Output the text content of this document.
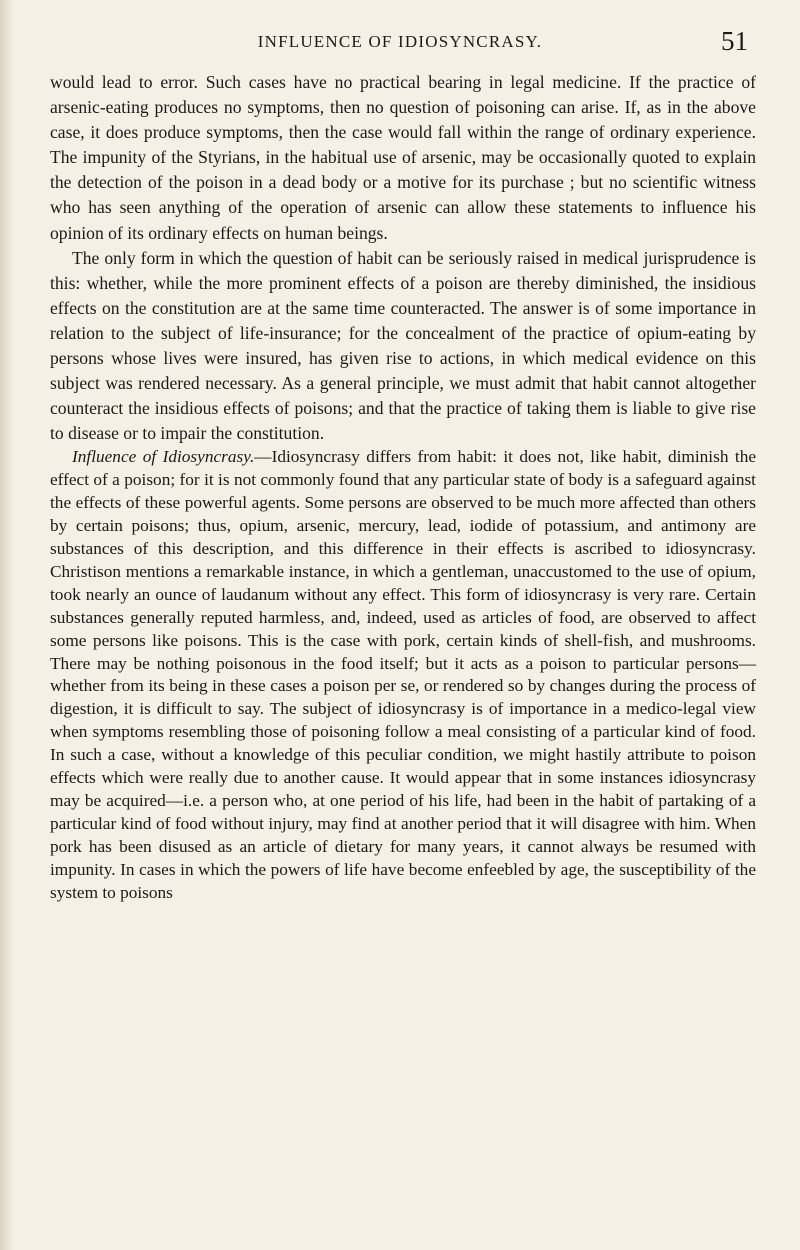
INFLUENCE OF IDIOSYNCRASY.	51

would lead to error. Such cases have no practical bearing in legal medicine. If the practice of arsenic-eating produces no symptoms, then no question of poisoning can arise. If, as in the above case, it does produce symptoms, then the case would fall within the range of ordinary experience. The impunity of the Styrians, in the habitual use of arsenic, may be occasionally quoted to explain the detection of the poison in a dead body or a motive for its purchase ; but no scientific witness who has seen anything of the operation of arsenic can allow these statements to influence his opinion of its ordinary effects on human beings.

The only form in which the question of habit can be seriously raised in medical jurisprudence is this: whether, while the more prominent effects of a poison are thereby diminished, the insidious effects on the constitution are at the same time counteracted. The answer is of some importance in relation to the subject of life-insurance; for the concealment of the practice of opium-eating by persons whose lives were insured, has given rise to actions, in which medical evidence on this subject was rendered necessary. As a general principle, we must admit that habit cannot altogether counteract the insidious effects of poisons; and that the practice of taking them is liable to give rise to disease or to impair the constitution.

Influence of Idiosyncrasy.—Idiosyncrasy differs from habit: it does not, like habit, diminish the effect of a poison; for it is not commonly found that any particular state of body is a safeguard against the effects of these powerful agents. Some persons are observed to be much more affected than others by certain poisons; thus, opium, arsenic, mercury, lead, iodide of potassium, and antimony are substances of this description, and this difference in their effects is ascribed to idiosyncrasy. Christison mentions a remarkable instance, in which a gentleman, unaccustomed to the use of opium, took nearly an ounce of laudanum without any effect. This form of idiosyncrasy is very rare. Certain substances generally reputed harmless, and, indeed, used as articles of food, are observed to affect some persons like poisons. This is the case with pork, certain kinds of shell-fish, and mushrooms. There may be nothing poisonous in the food itself; but it acts as a poison to particular persons—whether from its being in these cases a poison per se, or rendered so by changes during the process of digestion, it is difficult to say. The subject of idiosyncrasy is of importance in a medico-legal view when symptoms resembling those of poisoning follow a meal consisting of a particular kind of food. In such a case, without a knowledge of this peculiar condition, we might hastily attribute to poison effects which were really due to another cause. It would appear that in some instances idiosyncrasy may be acquired—i.e. a person who, at one period of his life, had been in the habit of partaking of a particular kind of food without injury, may find at another period that it will disagree with him. When pork has been disused as an article of dietary for many years, it cannot always be resumed with impunity. In cases in which the powers of life have become enfeebled by age, the susceptibility of the system to poisons
